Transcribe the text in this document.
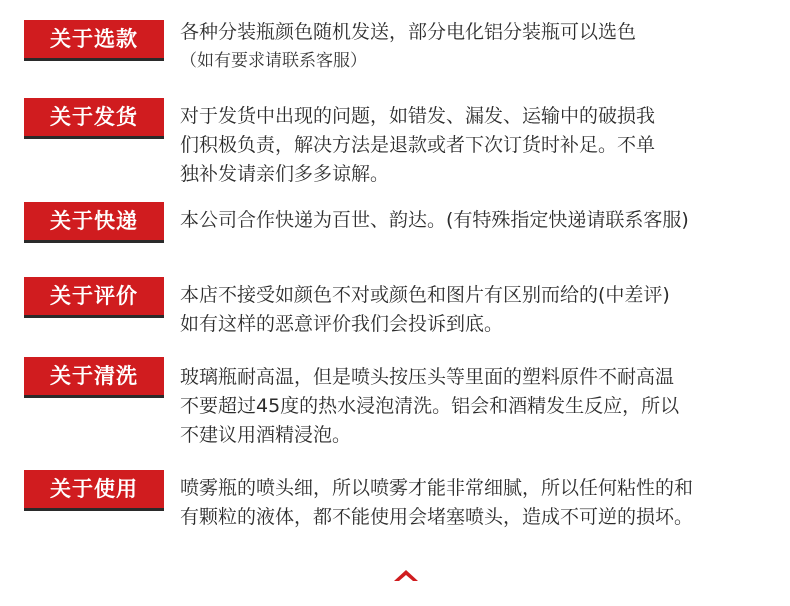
关于选款	各种分装瓶颜色随机发送，部分电化铝分装瓶可以选色
（如有要求请联系客服）
关于发货	对于发货中出现的问题，如错发、漏发、运输中的破损我
们积极负责，解决方法是退款或者下次订货时补足。不单
独补发请亲们多多谅解。
关于快递	本公司合作快递为百世、韵达。(有特殊指定快递请联系客服)
关于评价	本店不接受如颜色不对或颜色和图片有区别而给的(中差评)
如有这样的恶意评价我们会投诉到底。
关于清洗	玻璃瓶耐高温，但是喷头按压头等里面的塑料原件不耐高温
不要超过45度的热水浸泡清洗。铝会和酒精发生反应，所以
不建议用酒精浸泡。
关于使用	喷雾瓶的喷头细，所以喷雾才能非常细腻，所以任何粘性的和
有颗粒的液体，都不能使用会堵塞喷头，造成不可逆的损坏。
